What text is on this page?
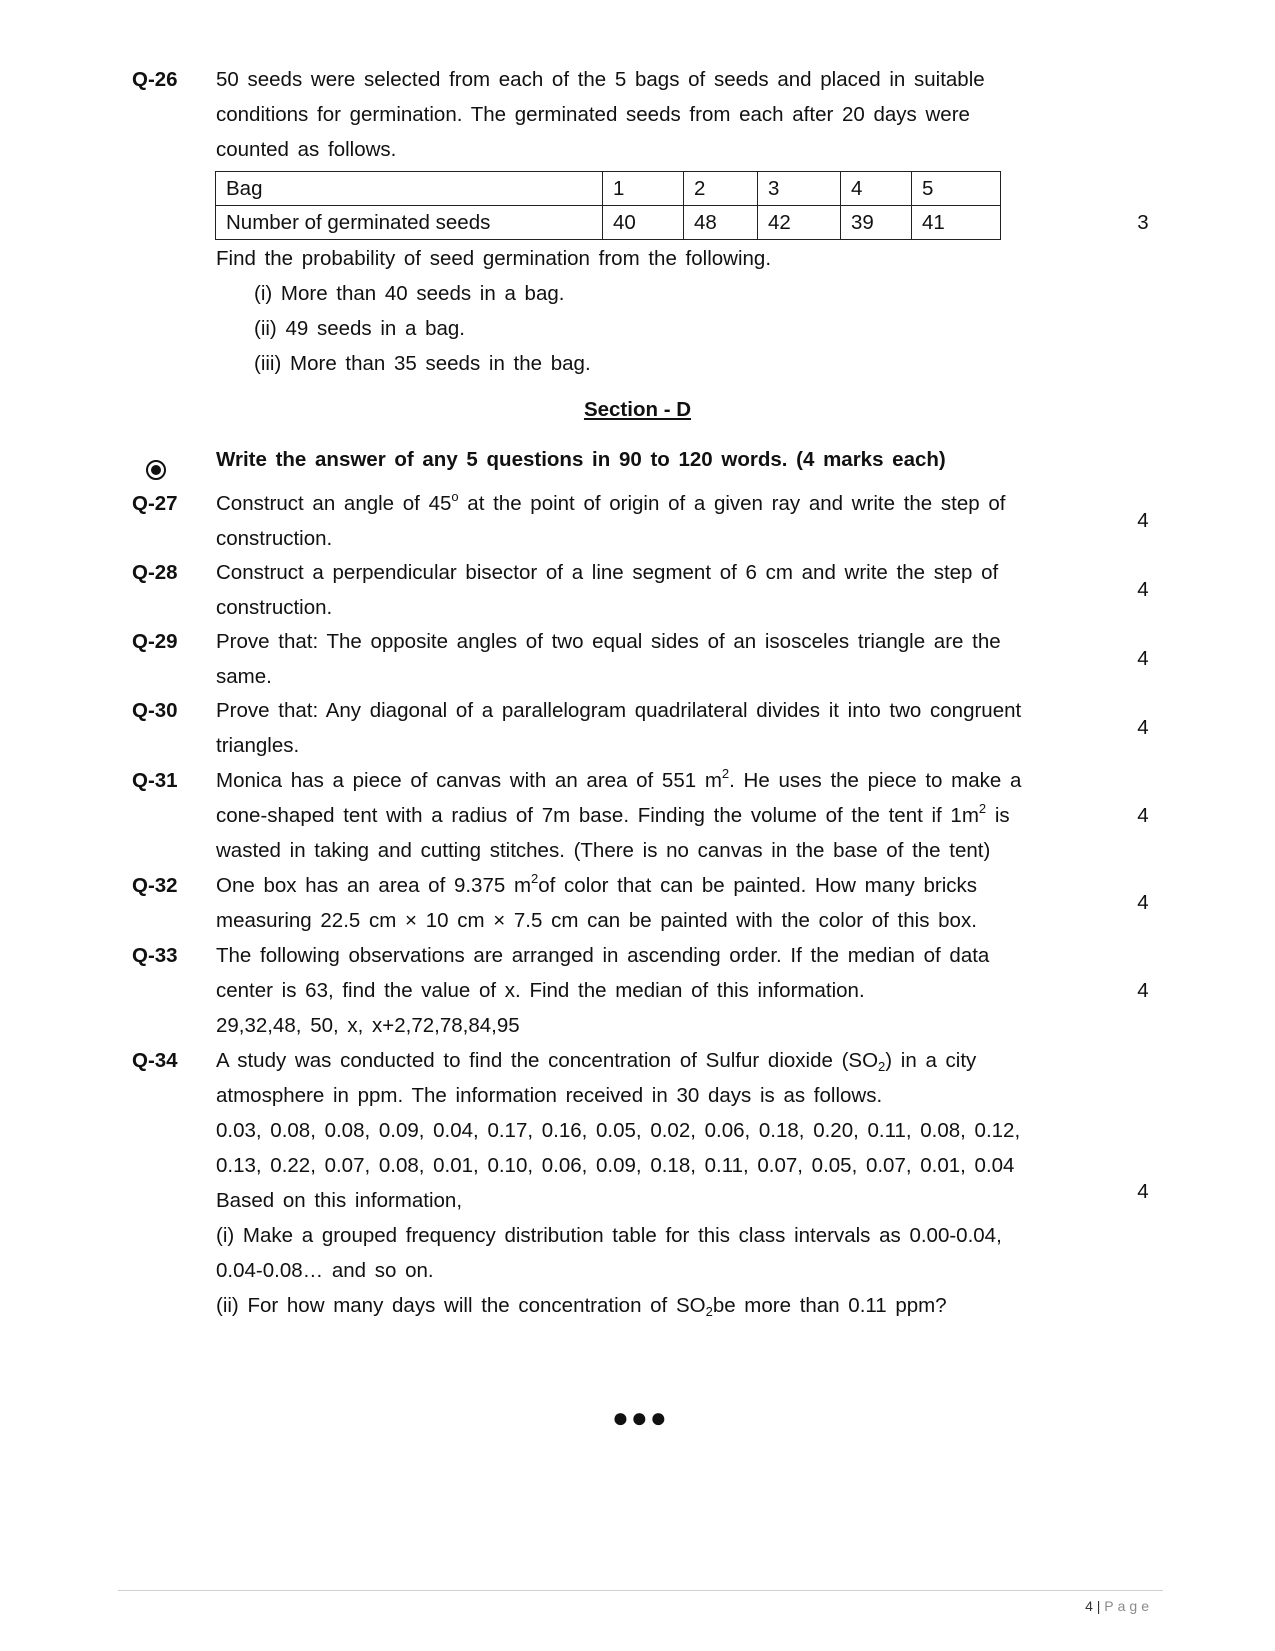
Q-26 50 seeds were selected from each of the 5 bags of seeds and placed in suitable
conditions for germination. The germinated seeds from each after 20 days were
counted as follows.
Bag	1	2	3	4	5
Number of germinated seeds	40	48	42	39	41	3
Find the probability of seed germination from the following.
(i) More than 40 seeds in a bag.
(ii) 49 seeds in a bag.
(iii) More than 35 seeds in the bag.
Section - D
Write the answer of any 5 questions in 90 to 120 words. (4 marks each)
Q-27 Construct an angle of 45$^o$ at the point of origin of a given ray and write the step of
construction.
4
Q-28 Construct a perpendicular bisector of a line segment of 6 cm and write the step of
construction.
4
Q-29 Prove that: The opposite angles of two equal sides of an isosceles triangle are the
same.
4
Q-30 Prove that: Any diagonal of a parallelogram quadrilateral divides it into two congruent
triangles.
4
Q-31 Monica has a piece of canvas with an area of 551 $m^2$. He uses the piece to make a
cone-shaped tent with a radius of 7m base. Finding the volume of the tent if $1m^2$ is
wasted in taking and cutting stitches. (There is no canvas in the base of the tent)
4
Q-32 One box has an area of 9.375 $m^2of$ color that can be painted. How many bricks
measuring 22.5 cm × 10 cm × 7.5 cm can be painted with the color of this box.
4
Q-33 The following observations are arranged in ascending order. If the median of data
center is 63, find the value of x. Find the median of this information.
29,32,48, 50, x, x+2,72,78,84,95
4
Q-34 A study was conducted to find the concentration of Sulfur dioxide $(SO_2)$ in a city
atmosphere in ppm. The information received in 30 days is as follows.
0.03, 0.08, 0.08, 0.09, 0.04, 0.17, 0.16, 0.05, 0.02, 0.06, 0.18, 0.20, 0.11, 0.08, 0.12,
0.13, 0.22, 0.07, 0.08, 0.01, 0.10, 0.06, 0.09, 0.18, 0.11, 0.07, 0.05, 0.07, 0.01, 0.04
Based on this information,
(i) Make a grouped frequency distribution table for this class intervals as 0.00-0.04,
0.04-0.08… and so on.
(ii) For how many days will the concentration of $SO_2be$ more than 0.11 ppm?
4
●●●
4 | Page
